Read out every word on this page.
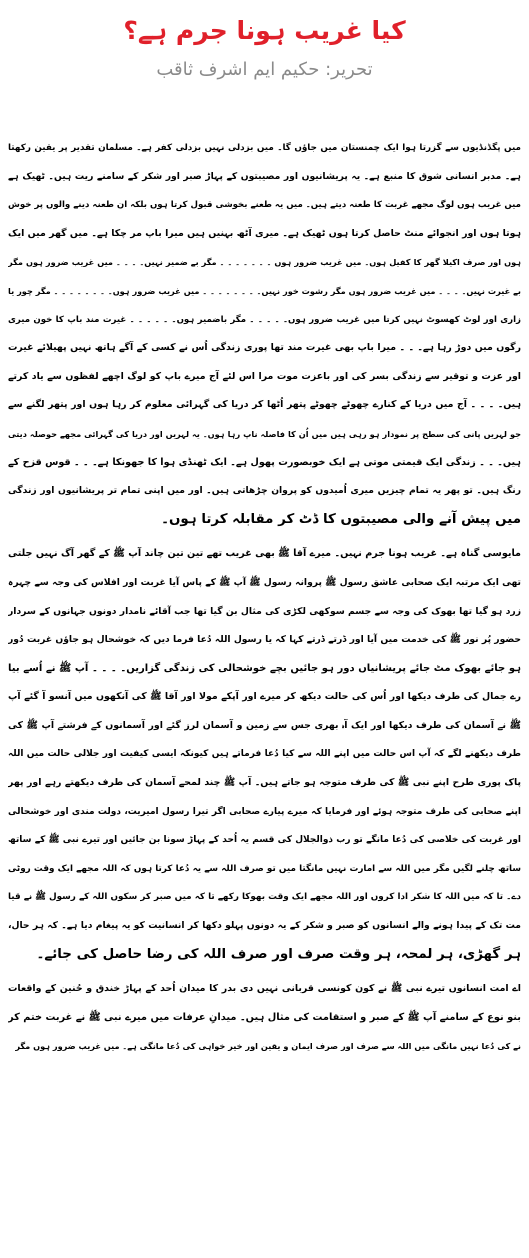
کیا غریب ہونا جرم ہے؟
تحریر: حکیم ایم اشرف ثاقب
میں پگڈنڈیوں سے گزرتا ہوا ایک چمنستان میں جاؤں گا۔ میں بزدلی نہیں بزدلی کفر ہے۔ مسلمان تقدیر پر یقین رکھتا
ہے۔ مدبر انسانی شوق کا منبع ہے۔ یہ پریشانیوں اور مصیبتوں کے پہاڑ صبر اور شکر کے سامنے ریت ہیں۔ ٹھیک ہے
میں غریب ہوں لوگ مجھے غربت کا طعنہ دیتے ہیں۔ میں یہ طعنے بخوشی قبول کرتا ہوں بلکہ ان طعنہ دینے والوں پر خوش
ہوتا ہوں اور انجوائے منٹ حاصل کرتا ہوں ٹھیک ہے۔ میری آٹھ بہنیں ہیں میرا باپ مر چکا ہے۔ میں گھر میں ایک
ہوں اور صرف اکیلا گھر کا کفیل ہوں۔ میں غریب ضرور ہوں ۔ ۔ ۔ ۔ ۔ ۔ ۔ مگر بے ضمیر نہیں۔ ۔ ۔ ۔ میں غریب ضرور ہوں مگر
بے غیرت نہیں۔ ۔ ۔ ۔ میں غریب ضرور ہوں مگر رشوت خور نہیں۔ ۔ ۔ ۔ ۔ ۔ ۔ ۔ میں غریب ضرور ہوں۔ ۔ ۔ ۔ ۔ ۔ ۔ ۔ مگر چور یا
زاری اور لوٹ کھسوٹ نہیں کرتا میں غریب ضرور ہوں۔ ۔ ۔ ۔ ۔ مگر باضمیر ہوں۔ ۔ ۔ ۔ ۔ ۔ غیرت مند باپ کا خون میری
رگوں میں دوڑ رہا ہے۔ ۔ ۔ میرا باپ بھی غیرت مند تھا پوری زندگی اُس نے کسی کے آگے ہاتھ نہیں پھیلائے غیرت
اور عزت و توقیر سے زندگی بسر کی اور باعزت موت مرا اس لئے آج میرے باپ کو لوگ اچھے لفظوں سے یاد کرتے
ہیں۔ ۔ ۔ ۔ آج میں دریا کے کنارے چھوٹے چھوٹے پتھر اُٹھا کر دریا کی گہرائی معلوم کر رہا ہوں اور پتھر لگنے سے
جو لہریں پانی کی سطح پر نمودار ہو رہی ہیں میں اُن کا فاصلہ ناپ رہا ہوں۔ یہ لہریں اور دریا کی گہرائی مجھے حوصلہ دیتی
ہیں۔ ۔ ۔ زندگی ایک قیمتی موتی ہے ایک خوبصورت پھول ہے۔ ایک ٹھنڈی ہوا کا جھونکا ہے۔ ۔ ۔ قوس قزح کے
رنگ ہیں۔ تو پھر یہ تمام چیزیں میری اُمیدوں کو پروان چڑھاتی ہیں۔ اور میں اپنی تمام تر پریشانیوں اور زندگی
میں پیش آنے والی مصیبتوں کا ڈٹ کر مقابلہ کرتا ہوں۔
مایوسی گناہ ہے۔ غریب ہونا جرم نہیں۔ میرے آقا ﷺ بھی غریب تھے تین تین چاند آپ ﷺ کے گھر آگ نہیں جلتی
تھی ایک مرتبہ ایک صحابی عاشق رسول ﷺ پروانہ رسول ﷺ آپ ﷺ کے پاس آیا غربت اور افلاس کی وجہ سے چہرہ
زرد ہو گیا تھا بھوک کی وجہ سے جسم سوکھی لکڑی کی مثال بن گیا تھا جب آقائے نامدار دونوں جہانوں کے سردار
حضور پُر نور ﷺ کی خدمت میں آیا اور ڈرتے ڈرتے کہا کہ یا رسول اللہ دُعا فرما دیں کہ خوشحال ہو جاؤں غربت دُور
ہو جائے بھوک مٹ جائے پریشانیاں دور ہو جائیں بچے خوشحالی کی زندگی گزاریں۔ ۔ ۔ ۔ آپ ﷺ نے اُسے بیا
رے جمال کی طرف دیکھا اور اُس کی حالت دیکھ کر میرے اور آپکے مولا اور آقا ﷺ کی آنکھوں میں آنسو آ گئے آپ
ﷺ نے آسمان کی طرف دیکھا اور ایک آہ بھری جس سے زمین و آسمان لرز گئے اور آسمانوں کے فرشتے آپ ﷺ کی
طرف دیکھنے لگے کہ آپ اس حالت میں اپنے اللہ سے کیا دُعا فرماتے ہیں کیونکہ ایسی کیفیت اور جلالی حالت میں اللہ
پاک پوری طرح اپنے نبی ﷺ کی طرف متوجہ ہو جاتے ہیں۔ آپ ﷺ چند لمحے آسمان کی طرف دیکھتے رہے اور پھر
اپنے صحابی کی طرف متوجہ ہوئے اور فرمایا کہ میرے پیارے صحابی اگر تیرا رسول امیریت، دولت مندی اور خوشحالی
اور غربت کی خلاصی کی دُعا مانگے تو رب ذوالجلال کی قسم یہ اُحد کے پہاڑ سونا بن جائیں اور تیرے نبی ﷺ کے ساتھ
ساتھ چلنے لگیں مگر میں اللہ سے امارت نہیں مانگتا میں تو صرف اللہ سے یہ دُعا کرتا ہوں کہ اللہ مجھے ایک وقت روٹی
دے۔ تا کہ میں اللہ کا شکر ادا کروں اور اللہ مجھے ایک وقت بھوکا رکھے تا کہ میں صبر کر سکوں اللہ کے رسول ﷺ نے قیا
مت تک کے پیدا ہونے والے انسانوں کو صبر و شکر کے یہ دونوں پہلو دکھا کر انسانیت کو یہ پیغام دیا ہے۔ کہ ہر حال،
ہر گھڑی، ہر لمحہ، ہر وقت صرف اور صرف اللہ کی رضا حاصل کی جائے۔
اے امت انسانوں تیرے نبی ﷺ نے کون کونسی قربانی نہیں دی بدر کا میدان اُحد کے پہاڑ خندق و حُنین کے واقعات
بنو نوع کے سامنے آپ ﷺ کے صبر و استقامت کی مثال ہیں۔ میدانِ عرفات میں میرے نبی ﷺ نے غربت ختم کر
نے کی دُعا نہیں مانگی میں اللہ سے صرف اور صرف ایمان و یقین اور خیر خواہی کی دُعا مانگی ہے۔ میں غریب ضرور ہوں مگر
